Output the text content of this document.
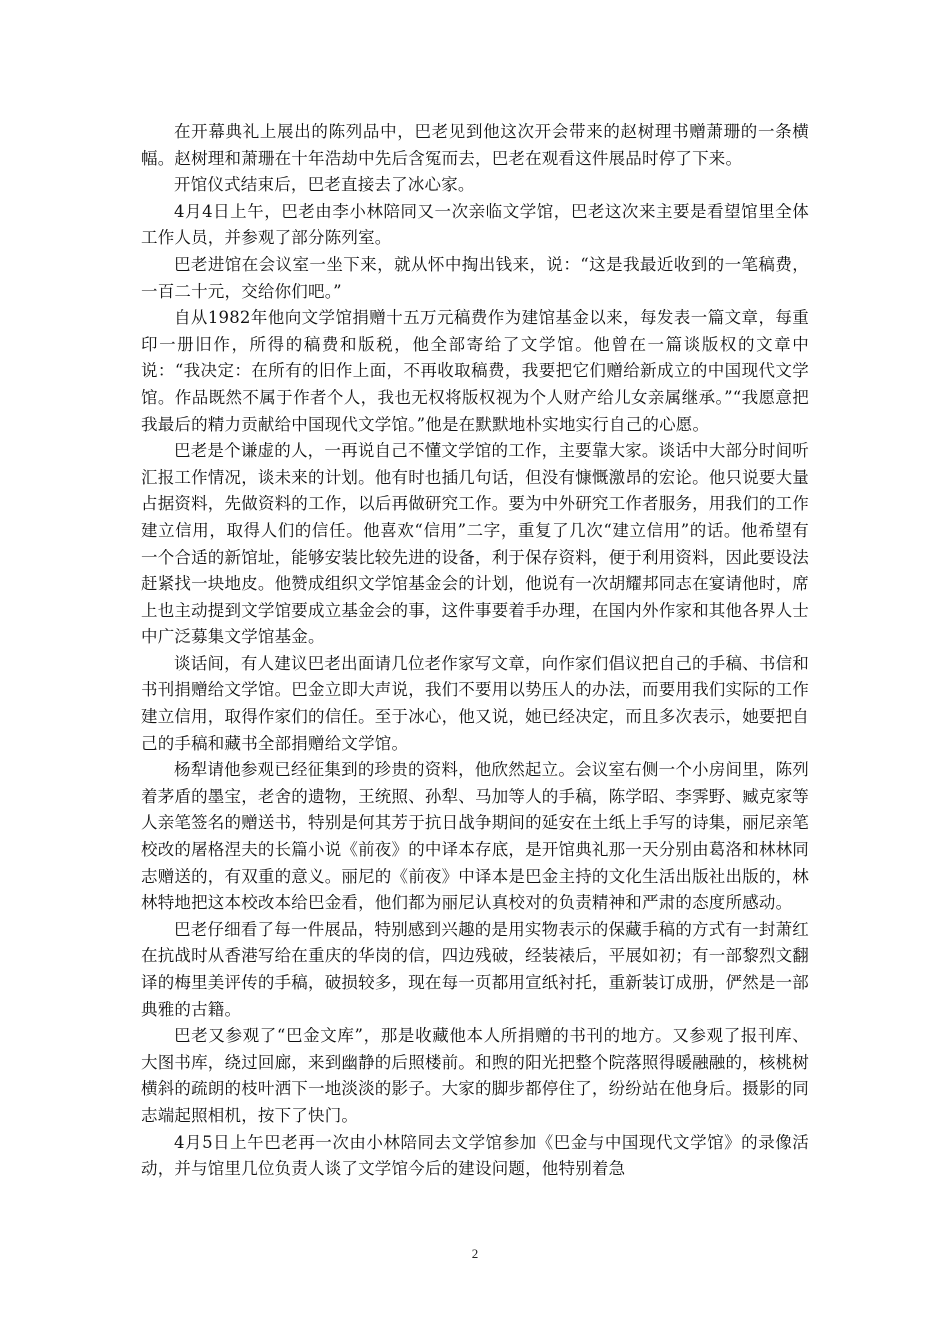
在开幕典礼上展出的陈列品中，巴老见到他这次开会带来的赵树理书赠萧珊的一条横幅。赵树理和萧珊在十年浩劫中先后含冤而去，巴老在观看这件展品时停了下来。

开馆仪式结束后，巴老直接去了冰心家。

4月4日上午，巴老由李小林陪同又一次亲临文学馆，巴老这次来主要是看望馆里全体工作人员，并参观了部分陈列室。

巴老进馆在会议室一坐下来，就从怀中掏出钱来，说：“这是我最近收到的一笔稿费，一百二十元，交给你们吧。”

自从1982年他向文学馆捐赠十五万元稿费作为建馆基金以来，每发表一篇文章，每重印一册旧作，所得的稿费和版税，他全部寄给了文学馆。他曾在一篇谈版权的文章中说：“我决定：在所有的旧作上面，不再收取稿费，我要把它们赠给新成立的中国现代文学馆。作品既然不属于作者个人，我也无权将版权视为个人财产给儿女亲属继承。”“我愿意把我最后的精力贡献给中国现代文学馆。”他是在默默地朴实地实行自己的心愿。

巴老是个谦虚的人，一再说自己不懂文学馆的工作，主要靠大家。谈话中大部分时间听汇报工作情况，谈未来的计划。他有时也插几句话，但没有慷慨激昂的宏论。他只说要大量占据资料，先做资料的工作，以后再做研究工作。要为中外研究工作者服务，用我们的工作建立信用，取得人们的信任。他喜欢“信用”二字，重复了几次“建立信用”的话。他希望有一个合适的新馆址，能够安装比较先进的设备，利于保存资料，便于利用资料，因此要设法赶紧找一块地皮。他赞成组织文学馆基金会的计划，他说有一次胡耀邦同志在宴请他时，席上也主动提到文学馆要成立基金会的事，这件事要着手办理，在国内外作家和其他各界人士中广泛募集文学馆基金。

谈话间，有人建议巴老出面请几位老作家写文章，向作家们倡议把自己的手稿、书信和书刊捐赠给文学馆。巴金立即大声说，我们不要用以势压人的办法，而要用我们实际的工作建立信用，取得作家们的信任。至于冰心，他又说，她已经决定，而且多次表示，她要把自己的手稿和藏书全部捐赠给文学馆。

杨犁请他参观已经征集到的珍贵的资料，他欣然起立。会议室右侧一个小房间里，陈列着茅盾的墨宝，老舍的遗物，王统照、孙犁、马加等人的手稿，陈学昭、李霁野、臧克家等人亲笔签名的赠送书，特别是何其芳于抗日战争期间的延安在土纸上手写的诗集，丽尼亲笔校改的屠格涅夫的长篇小说《前夜》的中译本存底，是开馆典礼那一天分别由葛洛和林林同志赠送的，有双重的意义。丽尼的《前夜》中译本是巴金主持的文化生活出版社出版的，林林特地把这本校改本给巴金看，他们都为丽尼认真校对的负责精神和严肃的态度所感动。

巴老仔细看了每一件展品，特别感到兴趣的是用实物表示的保藏手稿的方式有一封萧红在抗战时从香港写给在重庆的华岗的信，四边残破，经装裱后，平展如初；有一部黎烈文翻译的梅里美评传的手稿，破损较多，现在每一页都用宣纸衬托，重新装订成册，俨然是一部典雅的古籍。

巴老又参观了“巴金文库”，那是收藏他本人所捐赠的书刊的地方。又参观了报刊库、大图书库，绕过回廊，来到幽静的后照楼前。和煦的阳光把整个院落照得暖融融的，核桃树横斜的疏朗的枝叶洒下一地淡淡的影子。大家的脚步都停住了，纷纷站在他身后。摄影的同志端起照相机，按下了快门。

4月5日上午巴老再一次由小林陪同去文学馆参加《巴金与中国现代文学馆》的录像活动，并与馆里几位负责人谈了文学馆今后的建设问题，他特别着急

2
